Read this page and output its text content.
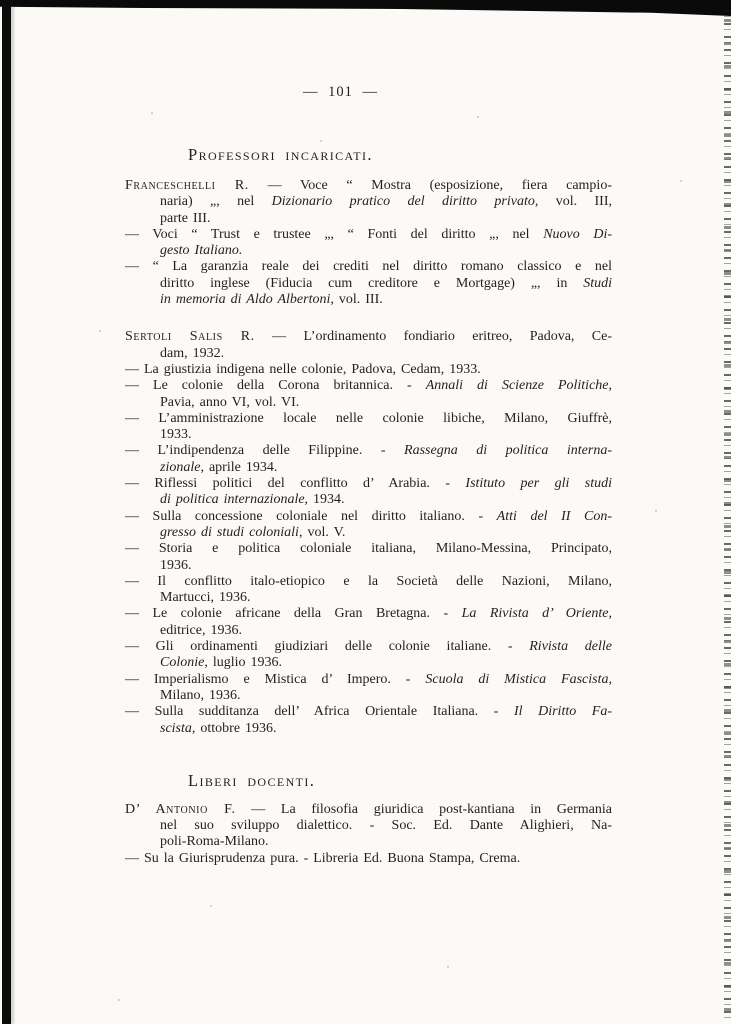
— 101 —
Professori incaricati.
Franceschelli R. — Voce “ Mostra (esposizione, fiera campio-
naria) „, nel Dizionario pratico del diritto privato, vol. III,
parte III.
— Voci “ Trust e trustee „, “ Fonti del diritto „, nel Nuovo Di-
gesto Italiano.
— “ La garanzia reale dei crediti nel diritto romano classico e nel
diritto inglese (Fiducia cum creditore e Mortgage) „, in Studi
in memoria di Aldo Albertoni, vol. III.
Sertoli Salis R. — L’ordinamento fondiario eritreo, Padova, Ce-
dam, 1932.
— La giustizia indigena nelle colonie, Padova, Cedam, 1933.
— Le colonie della Corona britannica. - Annali di Scienze Politiche,
Pavia, anno VI, vol. VI.
— L’amministrazione locale nelle colonie libiche, Milano, Giuffrè,
1933.
— L’indipendenza delle Filippine. - Rassegna di politica interna-
zionale, aprile 1934.
— Riflessi politici del conflitto d’ Arabia. - Istituto per gli studi
di politica internazionale, 1934.
— Sulla concessione coloniale nel diritto italiano. - Atti del II Con-
gresso di studi coloniali, vol. V.
— Storia e politica coloniale italiana, Milano-Messina, Principato,
1936.
— Il conflitto italo-etiopico e la Società delle Nazioni, Milano,
Martucci, 1936.
— Le colonie africane della Gran Bretagna. - La Rivista d’ Oriente,
editrice, 1936.
— Gli ordinamenti giudiziari delle colonie italiane. - Rivista delle
Colonie, luglio 1936.
— Imperialismo e Mistica d’ Impero. - Scuola di Mistica Fascista,
Milano, 1936.
— Sulla sudditanza dell’ Africa Orientale Italiana. - Il Diritto Fa-
scista, ottobre 1936.
Liberi docenti.
D’ Antonio F. — La filosofia giuridica post-kantiana in Germania
nel suo sviluppo dialettico. - Soc. Ed. Dante Alighieri, Na-
poli-Roma-Milano.
— Su la Giurisprudenza pura. - Libreria Ed. Buona Stampa, Crema.
